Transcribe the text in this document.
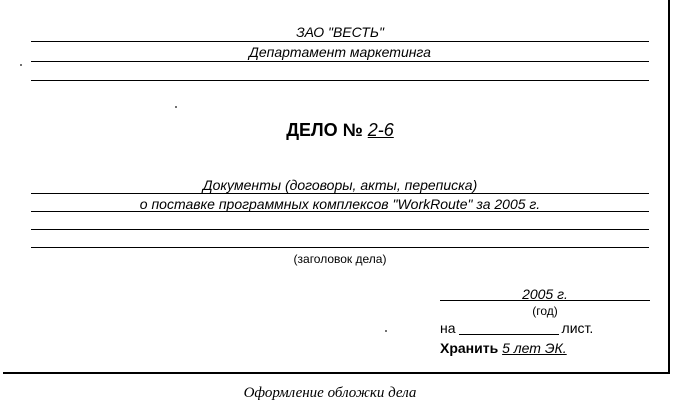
ЗАО "ВЕСТЬ"
Департамент маркетинга
ДЕЛО № 2-6
Документы (договоры, акты, переписка)
о поставке программных комплексов "WorkRoute" за 2005 г.
(заголовок дела)
2005 г.
(год)
на	лист.
Хранить 5 лет ЭК.
Оформление обложки дела
